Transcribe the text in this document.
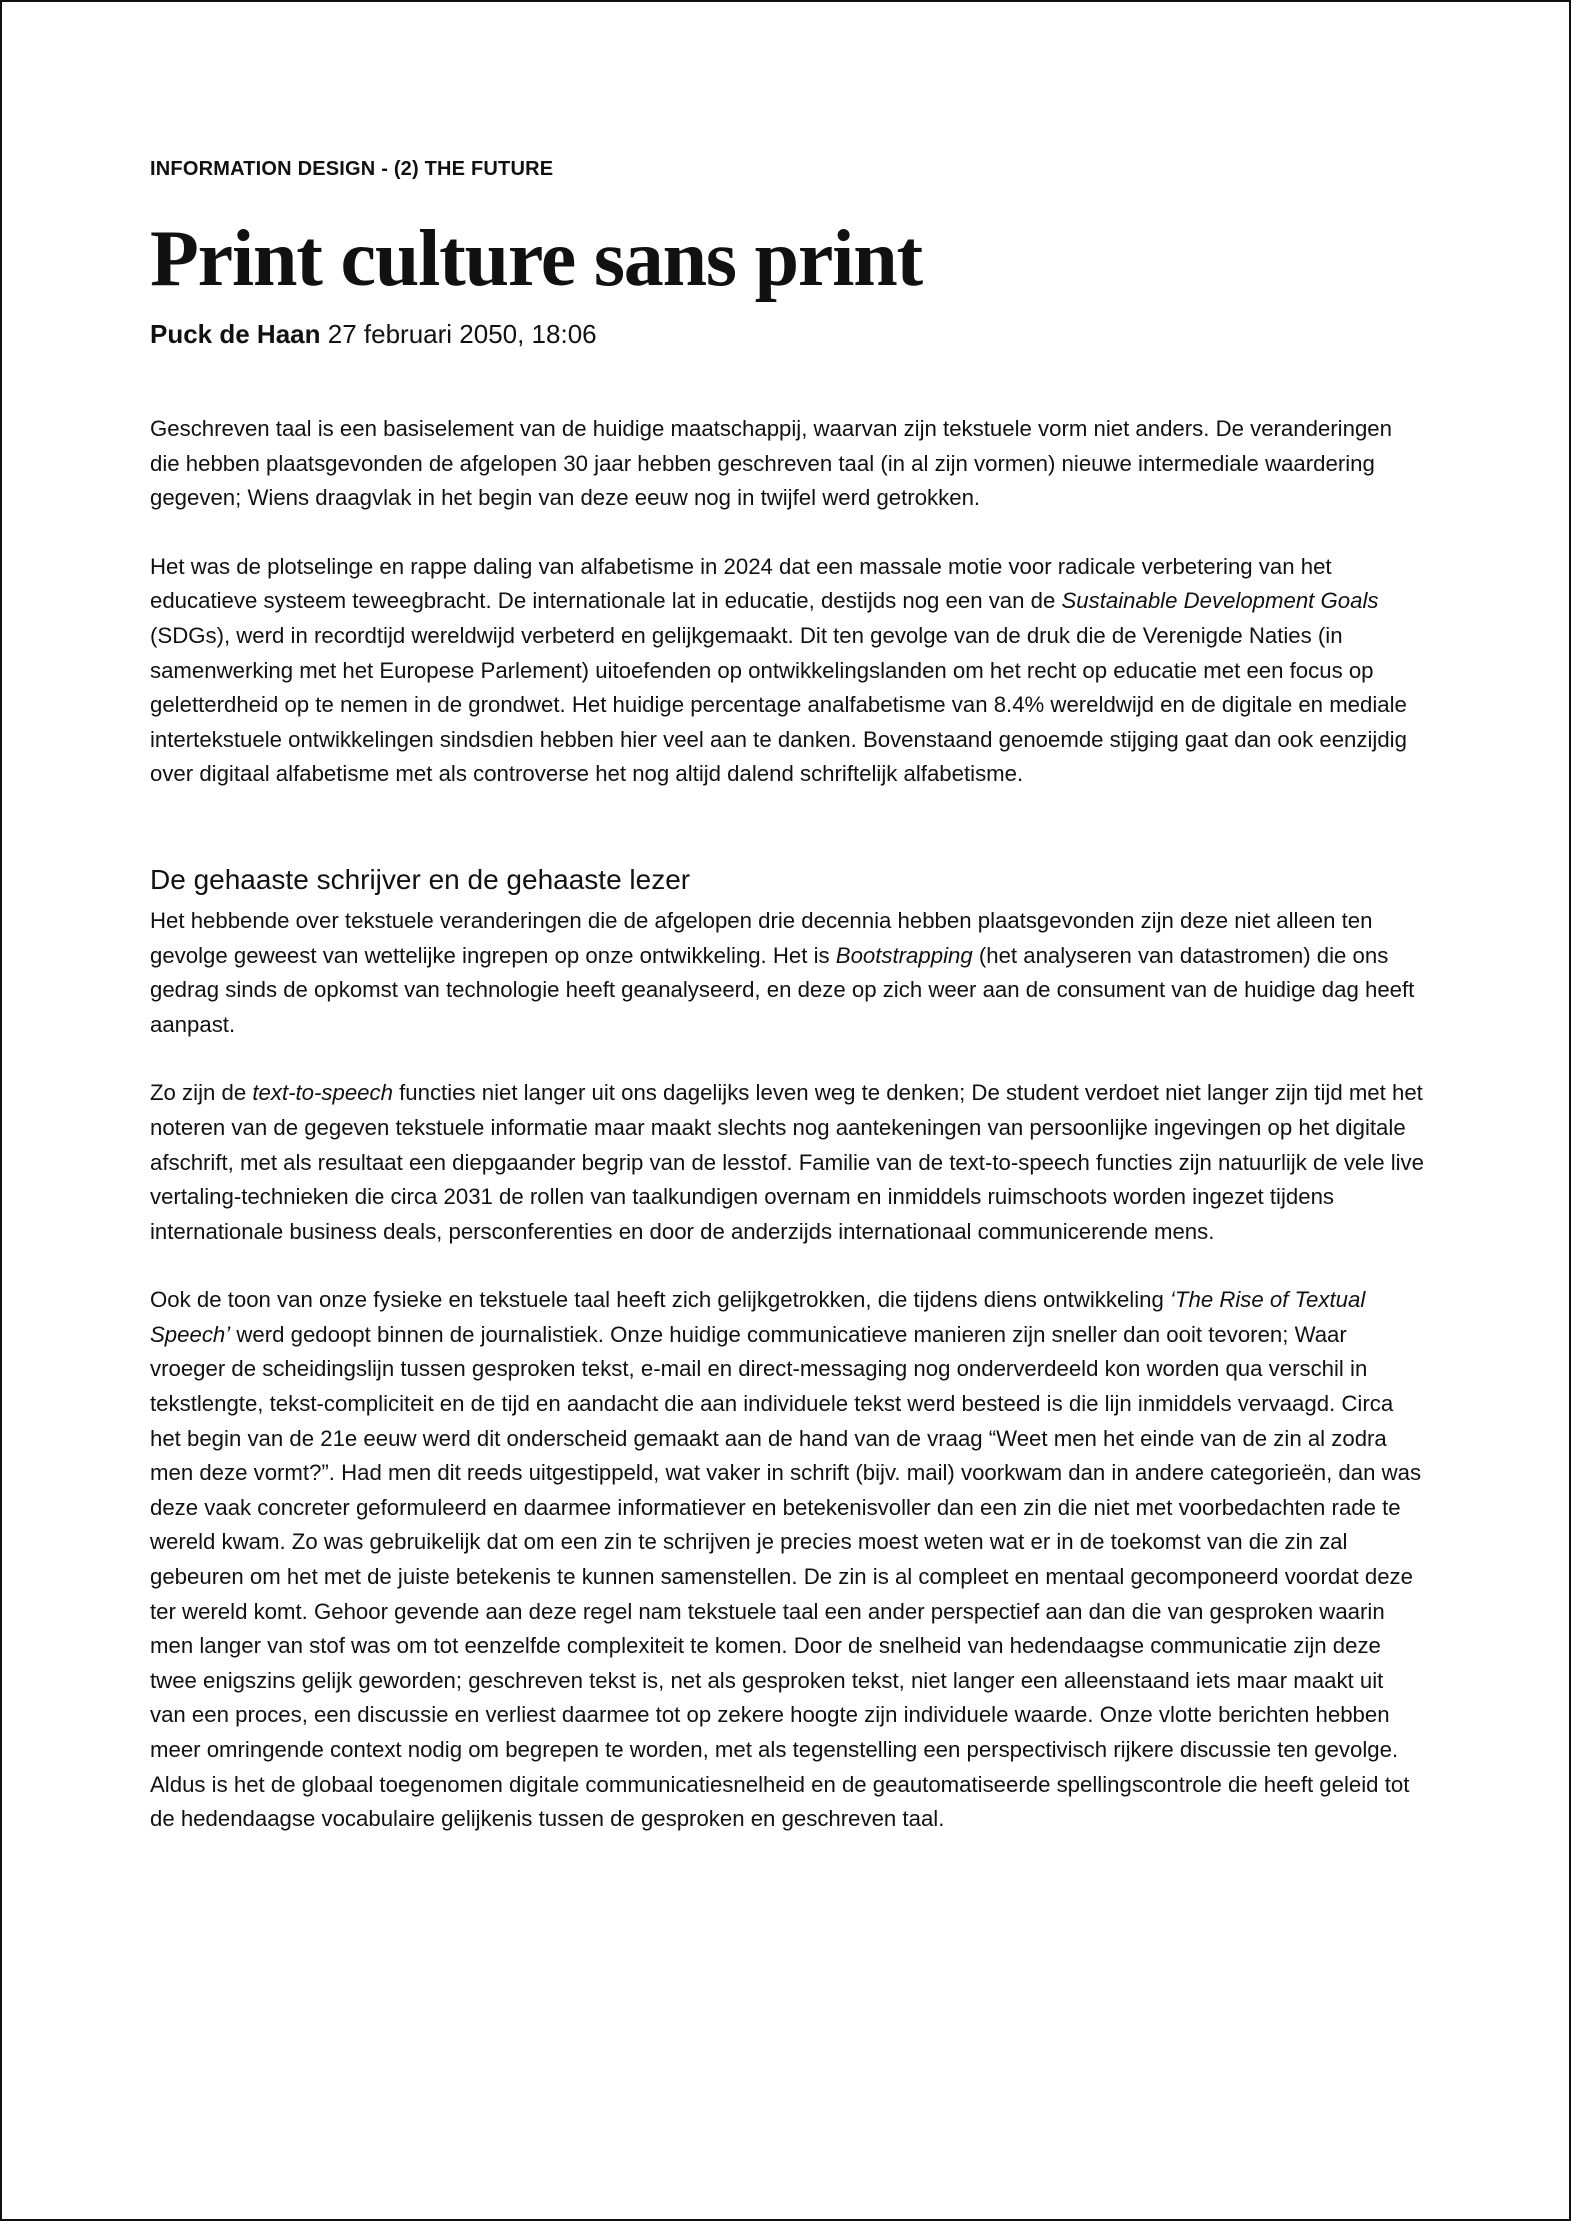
INFORMATION DESIGN - (2) THE FUTURE
Print culture sans print
Puck de Haan 27 februari 2050, 18:06

Geschreven taal is een basiselement van de huidige maatschappij, waarvan zijn tekstuele vorm niet anders. De veranderingen die hebben plaatsgevonden de afgelopen 30 jaar hebben geschreven taal (in al zijn vormen) nieuwe intermediale waardering gegeven; Wiens draagvlak in het begin van deze eeuw nog in twijfel werd getrokken.

Het was de plotselinge en rappe daling van alfabetisme in 2024 dat een massale motie voor radicale verbetering van het educatieve systeem teweegbracht. De internationale lat in educatie, destijds nog een van de Sustainable Development Goals (SDGs), werd in recordtijd wereldwijd verbeterd en gelijkgemaakt. Dit ten gevolge van de druk die de Verenigde Naties (in samenwerking met het Europese Parlement) uitoefenden op ontwikkelingslanden om het recht op educatie met een focus op geletterdheid op te nemen in de grondwet. Het huidige percentage analfabetisme van 8.4% wereldwijd en de digitale en mediale intertekstuele ontwikkelingen sindsdien hebben hier veel aan te danken. Bovenstaand genoemde stijging gaat dan ook eenzijdig over digitaal alfabetisme met als controverse het nog altijd dalend schriftelijk alfabetisme.

De gehaaste schrijver en de gehaaste lezer

Het hebbende over tekstuele veranderingen die de afgelopen drie decennia hebben plaatsgevonden zijn deze niet alleen ten gevolge geweest van wettelijke ingrepen op onze ontwikkeling. Het is Bootstrapping (het analyseren van datastromen) die ons gedrag sinds de opkomst van technologie heeft geanalyseerd, en deze op zich weer aan de consument van de huidige dag heeft aanpast.

Zo zijn de text-to-speech functies niet langer uit ons dagelijks leven weg te denken; De student verdoet niet langer zijn tijd met het noteren van de gegeven tekstuele informatie maar maakt slechts nog aantekeningen van persoonlijke ingevingen op het digitale afschrift, met als resultaat een diepgaander begrip van de lesstof. Familie van de text-to-speech functies zijn natuurlijk de vele live vertaling-technieken die circa 2031 de rollen van taalkundigen overnam en inmiddels ruimschoots worden ingezet tijdens internationale business deals, persconferenties en door de anderzijds internationaal communicerende mens.

Ook de toon van onze fysieke en tekstuele taal heeft zich gelijkgetrokken, die tijdens diens ontwikkeling ‘The Rise of Textual Speech’ werd gedoopt binnen de journalistiek. Onze huidige communicatieve manieren zijn sneller dan ooit tevoren; Waar vroeger de scheidingslijn tussen gesproken tekst, e-mail en direct-messaging nog onderverdeeld kon worden qua verschil in tekstlengte, tekst-compliciteit en de tijd en aandacht die aan individuele tekst werd besteed is die lijn inmiddels vervaagd. Circa het begin van de 21e eeuw werd dit onderscheid gemaakt aan de hand van de vraag “Weet men het einde van de zin al zodra men deze vormt?”. Had men dit reeds uitgestippeld, wat vaker in schrift (bijv. mail) voorkwam dan in andere categorieën, dan was deze vaak concreter geformuleerd en daarmee informatiever en betekenisvoller dan een zin die niet met voorbedachten rade te wereld kwam. Zo was gebruikelijk dat om een zin te schrijven je precies moest weten wat er in de toekomst van die zin zal gebeuren om het met de juiste betekenis te kunnen samenstellen. De zin is al compleet en mentaal gecomponeerd voordat deze ter wereld komt. Gehoor gevende aan deze regel nam tekstuele taal een ander perspectief aan dan die van gesproken waarin men langer van stof was om tot eenzelfde complexiteit te komen. Door de snelheid van hedendaagse communicatie zijn deze twee enigszins gelijk geworden; geschreven tekst is, net als gesproken tekst, niet langer een alleenstaand iets maar maakt uit van een proces, een discussie en verliest daarmee tot op zekere hoogte zijn individuele waarde. Onze vlotte berichten hebben meer omringende context nodig om begrepen te worden, met als tegenstelling een perspectivisch rijkere discussie ten gevolge. Aldus is het de globaal toegenomen digitale communicatiesnelheid en de geautomatiseerde spellingscontrole die heeft geleid tot de hedendaagse vocabulaire gelijkenis tussen de gesproken en geschreven taal.
